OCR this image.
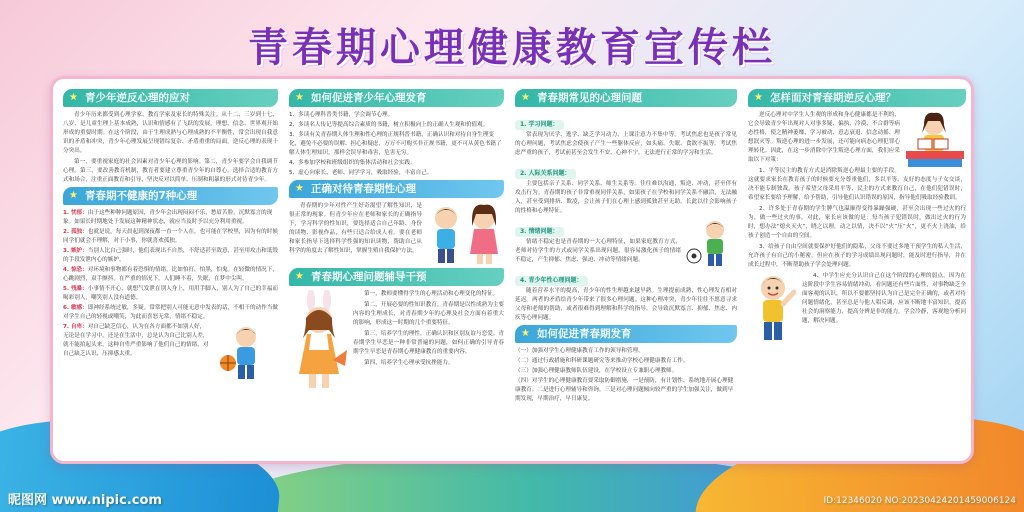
青春期心理健康教育宣传栏
★ 青少年逆反心理的应对

青少年历来都受到心理学家、教育学家及家长的特殊关注。从十二、三岁到十七、八岁，是儿童生理上基本成熟，认识和情感有了飞跃的发展，理想、信念、世界观开始形成的重要时期。在这个阶段，由于生理成熟与心理成熟的不平衡性，常会出现自我意识的矛盾和冲突，青少年心理发展呈现错综复杂、矛盾重重的局面，逆反心理的表现十分突出。

第一，要重视家庭的社会因素对青少年心理的影响。第二，青少年要学会自我调节心理。第三，要改善教育机制，教育者要建立尊重青少年的自尊心，选择合适的教育方式和场合，注重正面教育和引导，坚决反对以简单、压制和粗暴的形式对待青少年。

★ 青春期不健康的7种心理

1. 忧郁：由于这些种种问题原因，青少年会出现闷闷不乐，愁眉苦脸，沉默寡言的现象。如果长时期地处于发展这种精神状态，就应当及时予以充分利用重视。

2. 孤独：也就是说，每天晨起到深夜都一直一个人在，也可能在学校里，因为有的时候同学们就会不理解，对于小事，你就喜欢孤独。

3. 嫉妒：当别人比自己强时，他们表现出不自然，不舒适甚至敌意，甚至用攻击和诋毁的手段发泄内心的嫉妒。

4. 惊恐：对环境和事物都有着恐惧的情绪，比如怕打，怕黑，怕鬼。在轻微的情况下，心跳剧烈，双手颤抖。在严重的情况下，人们睡不着，失眠，在梦中尖叫。

5. 残暴：小事情不开心，就想气发泄在别人身上，用用手脚入，别人为了自己的幸福而喝彩别人，嘲笑别人没有道德。

6. 敏感：即神经系统过敏，多疑。常常把别人可能无意中发表的话，不相干的动作当做对学生自己的轻视或嘲笑，为此而喜怒无常，情绪不稳定。

7. 自卑：对自己缺乏信心，认为在各方面都不如别人好，无论是在学习中，还是在生活中，总是认为自己比别人差，就不能拍起头来，这种自卑严重影响了他们自己的情绪，对自己缺乏认识，压抑感太重。

★ 如何促进青少年心理发育

1、多读心理科普类书籍，学会调节心理。

2、多读名人传记等提高综合素质的书籍，树立积极向上的正确人生观和价值观。

3、多读有关青春期人体生理和性心理的正规科普书籍，正确认识和对待自身生理变化，避免不必要的误解、担心和疑虑，万万不可购买非正规书籍，更不可从黄色书籍了解人体生理知识，那样会误导和毒害，危害无穷。

4、多参加学校和班级组织的集体活动和社会实践。

5、虚心向家长、老师、同学学习，吸取经验，丰富自己。

★ 正确对待青春期性心理

青春期的少年对性产生好奇渴望了解性知识，是很正常的现象。但青少年应在老师和家长的正确指导下，学习科学的性知识，要选择适合自己年龄、身份的读物、影视作品，有些只适合给成人看。要在老师和家长指导下选择科学性强的知识读物，帮助自己从科学的角度去了解性知识，掌握生殖自我保护方法。

★ 青春期心理问题辅导干预

第一，教师要懂得学生的心理活动和心理变化的特征。

第二，开展必要的性知识教育。青春期是以性成熟为主要内容的生理成长，对青春期少年的心理及社会方面有着重大的影响，形成这一时期的几个重要特征。

第三，培养学生的理性，正确认识和区别友谊与恋爱。青春期学生早恋是一种非常普遍的问题，如何正确的引导青春期学生早恋是青春期心理健康教育的重要内容。

第四，培养学生心理承受抗挫能力。

★ 青春期常见的心理问题
1. 学习问题：

常表现为厌学、逃学、缺乏学习动力、上课注意力不集中等。考试焦虑也是孩子常见的心理问题，考试焦虑会使孩子产生一些躯体反应，如头痛、失眠、食欲不振等。考试焦虑严重的孩子，考试前甚至会发生不安、心神不宁，无法进行正常的学习和生活。

2. 人际关系问题：

主要包括亲子关系、同学关系、师生关系等。往往难以沟通，叛逆、冲动，甚至伴有攻击行为。青春期的孩子非常重视同伴关系，如果孩子在学校和同学关系不融洽，无法融入，甚至受到排挤、欺凌，会让孩子们在心理上感到孤独甚至无助，长此以往会影响孩子的性格和心理特征。

3. 情绪问题：

情绪不稳定也是青春期的一大心理特征，如果家庭教育方式、老师对待学生的方式或同学关系出现问题，很容易激化孩子的情绪不稳定，产生抑郁、焦虑、强迫、冲动等情绪问题。

4. 青少年性心理问题：

随着营养水平的提高，青少年的性生理越来越早熟。生理提前成熟，性心理发育相对延迟。两者的矛盾给青少年带来了很多心理问题。这种心理冲突，青少年往往不愿意寻求父母和老师的帮助，或者很难得到理解和科学的指导，会导致沉默寡言、抑郁、焦虑、内疚等心理问题。

★ 如何促进青春期发育

（一）加强对学生心理健康教育工作的领导和管理。

（二）通过行政措施和科研课题研究等来推动学校心理健康教育工作。

（三）加强心理健康教师队伍建设，在学校设立专兼职心理教师。

（四）对学生的心理健康教育要采取防御措施，一是预防，有计划性、系统地开展心理健康教育。二是进行心理辅导和咨询。三是对心理问题倾向较严重的学生加强关注，做到早期发现，早期治疗，早日康复。

★ 怎样面对青春期逆反心理？

逆反心理对中学生人生观的形成和身心健康都是不利的，它会导致青少年出现对人对事多疑、偏执、冷漠、不合群等病态性格，使之精神萎靡、学习被动、意志衰退、信念动摇、理想泯灭等。叛逆心理的进一步发展，还可能向病态心理犯罪心理转化。因此，在这一步消除中学生叛逆心理方面，我们应采取以下对策：

1、平等民主的教育方式是消除叛逆心理最主要的手段。这就要求家长在教育孩子的时候要充分尊重他们，多以平等、友好的态度与子女交谈，决不能专制独裁。孩子希望父母采用平等、民主的方式来教育自己，在他们犯错误时，希望家长要给予理解，给予帮助，引导他们认识错误的原因，指导他们吸取经验教训。

2、许多处于青春期的学生脾气也温顺得变得暴躁强硬，甚至会出现一些过火的行为，做一些过火的事。对此，家长应该做的是：每当孩子犯错误时，做出过火的行为时，想办法“熄火灭火”，晓之以理，动之以情，决不以“火”压“火”，更不火上浇油，给孩子创造一个自由的空间。

3、给孩子自由空间就要保护好他们的隐私，父母不要过多地干预学生的私人生活，允许孩子有自己的小秘密，但应在孩子的学习成绩出现问题时，能及时进行指导，并在成长过程中，不断帮助孩子学会处理问题。

4、中学生应充分认识自己在这个阶段的心理的弱点，因为在这阶段中学生容易情绪冲动，看问题还有些片面性，对事物缺乏全面客观的认识，所以不要都坚持认为自己是完全正确的，或者对待问题情绪化，甚至总是与他人唱反调，应该不断地丰富知识，提高社会的洞察能力，提高分辨是非的能力，学会冷静，客观地分析问题，解决问题。

昵图网 www.nipic.com	ID:12346020 NO:20230424201459006124
